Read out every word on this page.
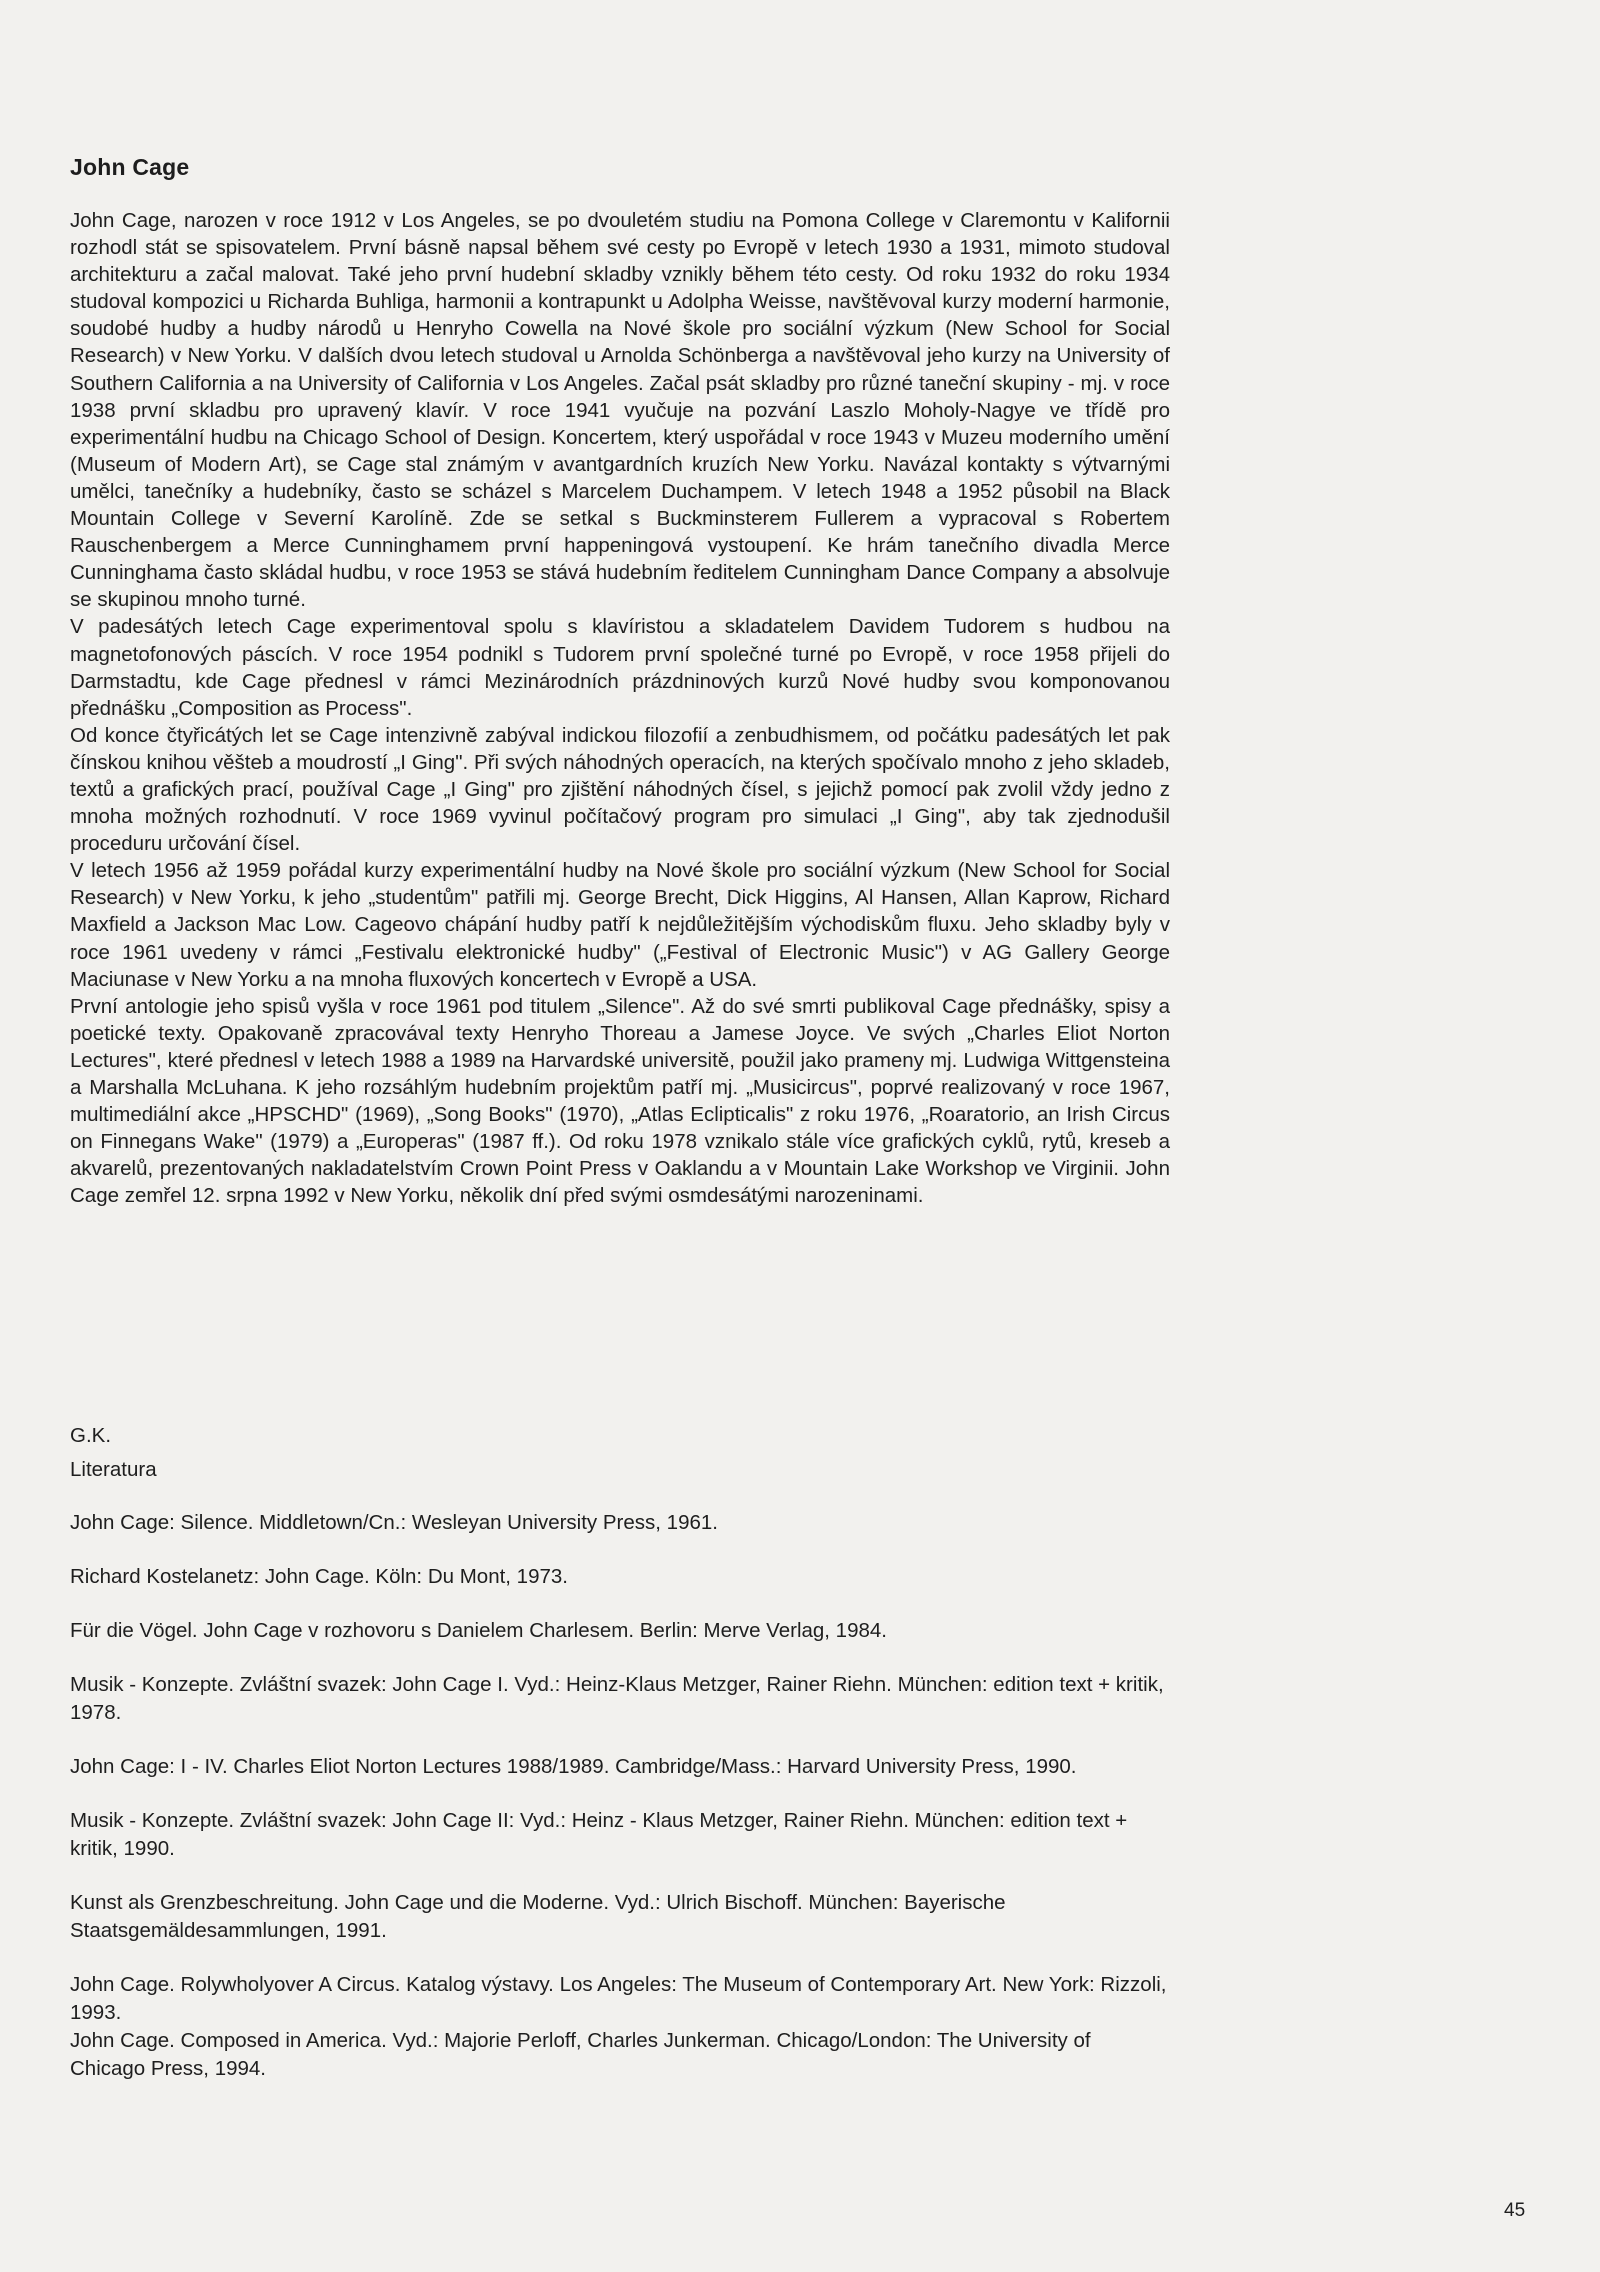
John Cage

John Cage, narozen v roce 1912 v Los Angeles, se po dvouletém studiu na Pomona College v Claremontu v Kalifornii rozhodl stát se spisovatelem. První básně napsal během své cesty po Evropě v letech 1930 a 1931, mimoto studoval architekturu a začal malovat. Také jeho první hudební skladby vznikly během této cesty. Od roku 1932 do roku 1934 studoval kompozici u Richarda Buhliga, harmonii a kontrapunkt u Adolpha Weisse, navštěvoval kurzy moderní harmonie, soudobé hudby a hudby národů u Henryho Cowella na Nové škole pro sociální výzkum (New School for Social Research) v New Yorku. V dalších dvou letech studoval u Arnolda Schönberga a navštěvoval jeho kurzy na University of Southern California a na University of California v Los Angeles. Začal psát skladby pro různé taneční skupiny - mj. v roce 1938 první skladbu pro upravený klavír. V roce 1941 vyučuje na pozvání Laszlo Moholy-Nagye ve třídě pro experimentální hudbu na Chicago School of Design. Koncertem, který uspořádal v roce 1943 v Muzeu moderního umění (Museum of Modern Art), se Cage stal známým v avantgardních kruzích New Yorku. Navázal kontakty s výtvarnými umělci, tanečníky a hudebníky, často se scházel s Marcelem Duchampem. V letech 1948 a 1952 působil na Black Mountain College v Severní Karolíně. Zde se setkal s Buckminsterem Fullerem a vypracoval s Robertem Rauschenbergem a Merce Cunninghamem první happeningová vystoupení. Ke hrám tanečního divadla Merce Cunninghama často skládal hudbu, v roce 1953 se stává hudebním ředitelem Cunningham Dance Company a absolvuje se skupinou mnoho turné.

V padesátých letech Cage experimentoval spolu s klavíristou a skladatelem Davidem Tudorem s hudbou na magnetofonových páscích. V roce 1954 podnikl s Tudorem první společné turné po Evropě, v roce 1958 přijeli do Darmstadtu, kde Cage přednesl v rámci Mezinárodních prázdninových kurzů Nové hudby svou komponovanou přednášku „Composition as Process".

Od konce čtyřicátých let se Cage intenzivně zabýval indickou filozofií a zenbudhismem, od počátku padesátých let pak čínskou knihou věšteb a moudrostí „I Ging". Při svých náhodných operacích, na kterých spočívalo mnoho z jeho skladeb, textů a grafických prací, používal Cage „I Ging" pro zjištění náhodných čísel, s jejichž pomocí pak zvolil vždy jedno z mnoha možných rozhodnutí. V roce 1969 vyvinul počítačový program pro simulaci „I Ging", aby tak zjednodušil proceduru určování čísel.

V letech 1956 až 1959 pořádal kurzy experimentální hudby na Nové škole pro sociální výzkum (New School for Social Research) v New Yorku, k jeho „studentům" patřili mj. George Brecht, Dick Higgins, Al Hansen, Allan Kaprow, Richard Maxfield a Jackson Mac Low. Cageovo chápání hudby patří k nejdůležitějším východiskům fluxu. Jeho skladby byly v roce 1961 uvedeny v rámci „Festivalu elektronické hudby" („Festival of Electronic Music") v AG Gallery George Maciunase v New Yorku a na mnoha fluxových koncertech v Evropě a USA.

První antologie jeho spisů vyšla v roce 1961 pod titulem „Silence". Až do své smrti publikoval Cage přednášky, spisy a poetické texty. Opakovaně zpracovával texty Henryho Thoreau a Jamese Joyce. Ve svých „Charles Eliot Norton Lectures", které přednesl v letech 1988 a 1989 na Harvardské universitě, použil jako prameny mj. Ludwiga Wittgensteina a Marshalla McLuhana. K jeho rozsáhlým hudebním projektům patří mj. „Musicircus", poprvé realizovaný v roce 1967, multimediální akce „HPSCHD" (1969), „Song Books" (1970), „Atlas Eclipticalis" z roku 1976, „Roaratorio, an Irish Circus on Finnegans Wake" (1979) a „Europeras" (1987 ff.). Od roku 1978 vznikalo stále více grafických cyklů, rytů, kreseb a akvarelů, prezentovaných nakladatelstvím Crown Point Press v Oaklandu a v Mountain Lake Workshop ve Virginii. John Cage zemřel 12. srpna 1992 v New Yorku, několik dní před svými osmdesátými narozeninami.

G.K.
Literatura

John Cage: Silence. Middletown/Cn.: Wesleyan University Press, 1961.

Richard Kostelanetz: John Cage. Köln: Du Mont, 1973.

Für die Vögel. John Cage v rozhovoru s Danielem Charlesem. Berlin: Merve Verlag, 1984.

Musik - Konzepte. Zvláštní svazek: John Cage I. Vyd.: Heinz-Klaus Metzger, Rainer Riehn. München: edition text + kritik, 1978.

John Cage: I - IV. Charles Eliot Norton Lectures 1988/1989. Cambridge/Mass.: Harvard University Press, 1990.

Musik - Konzepte. Zvláštní svazek: John Cage II: Vyd.: Heinz - Klaus Metzger, Rainer Riehn. München: edition text + kritik, 1990.

Kunst als Grenzbeschreitung. John Cage und die Moderne. Vyd.: Ulrich Bischoff. München: Bayerische Staatsgemäldesammlungen, 1991.

John Cage. Rolywholyover A Circus. Katalog výstavy. Los Angeles: The Museum of Contemporary Art. New York: Rizzoli, 1993.

John Cage. Composed in America. Vyd.: Majorie Perloff, Charles Junkerman. Chicago/London: The University of Chicago Press, 1994.

45
